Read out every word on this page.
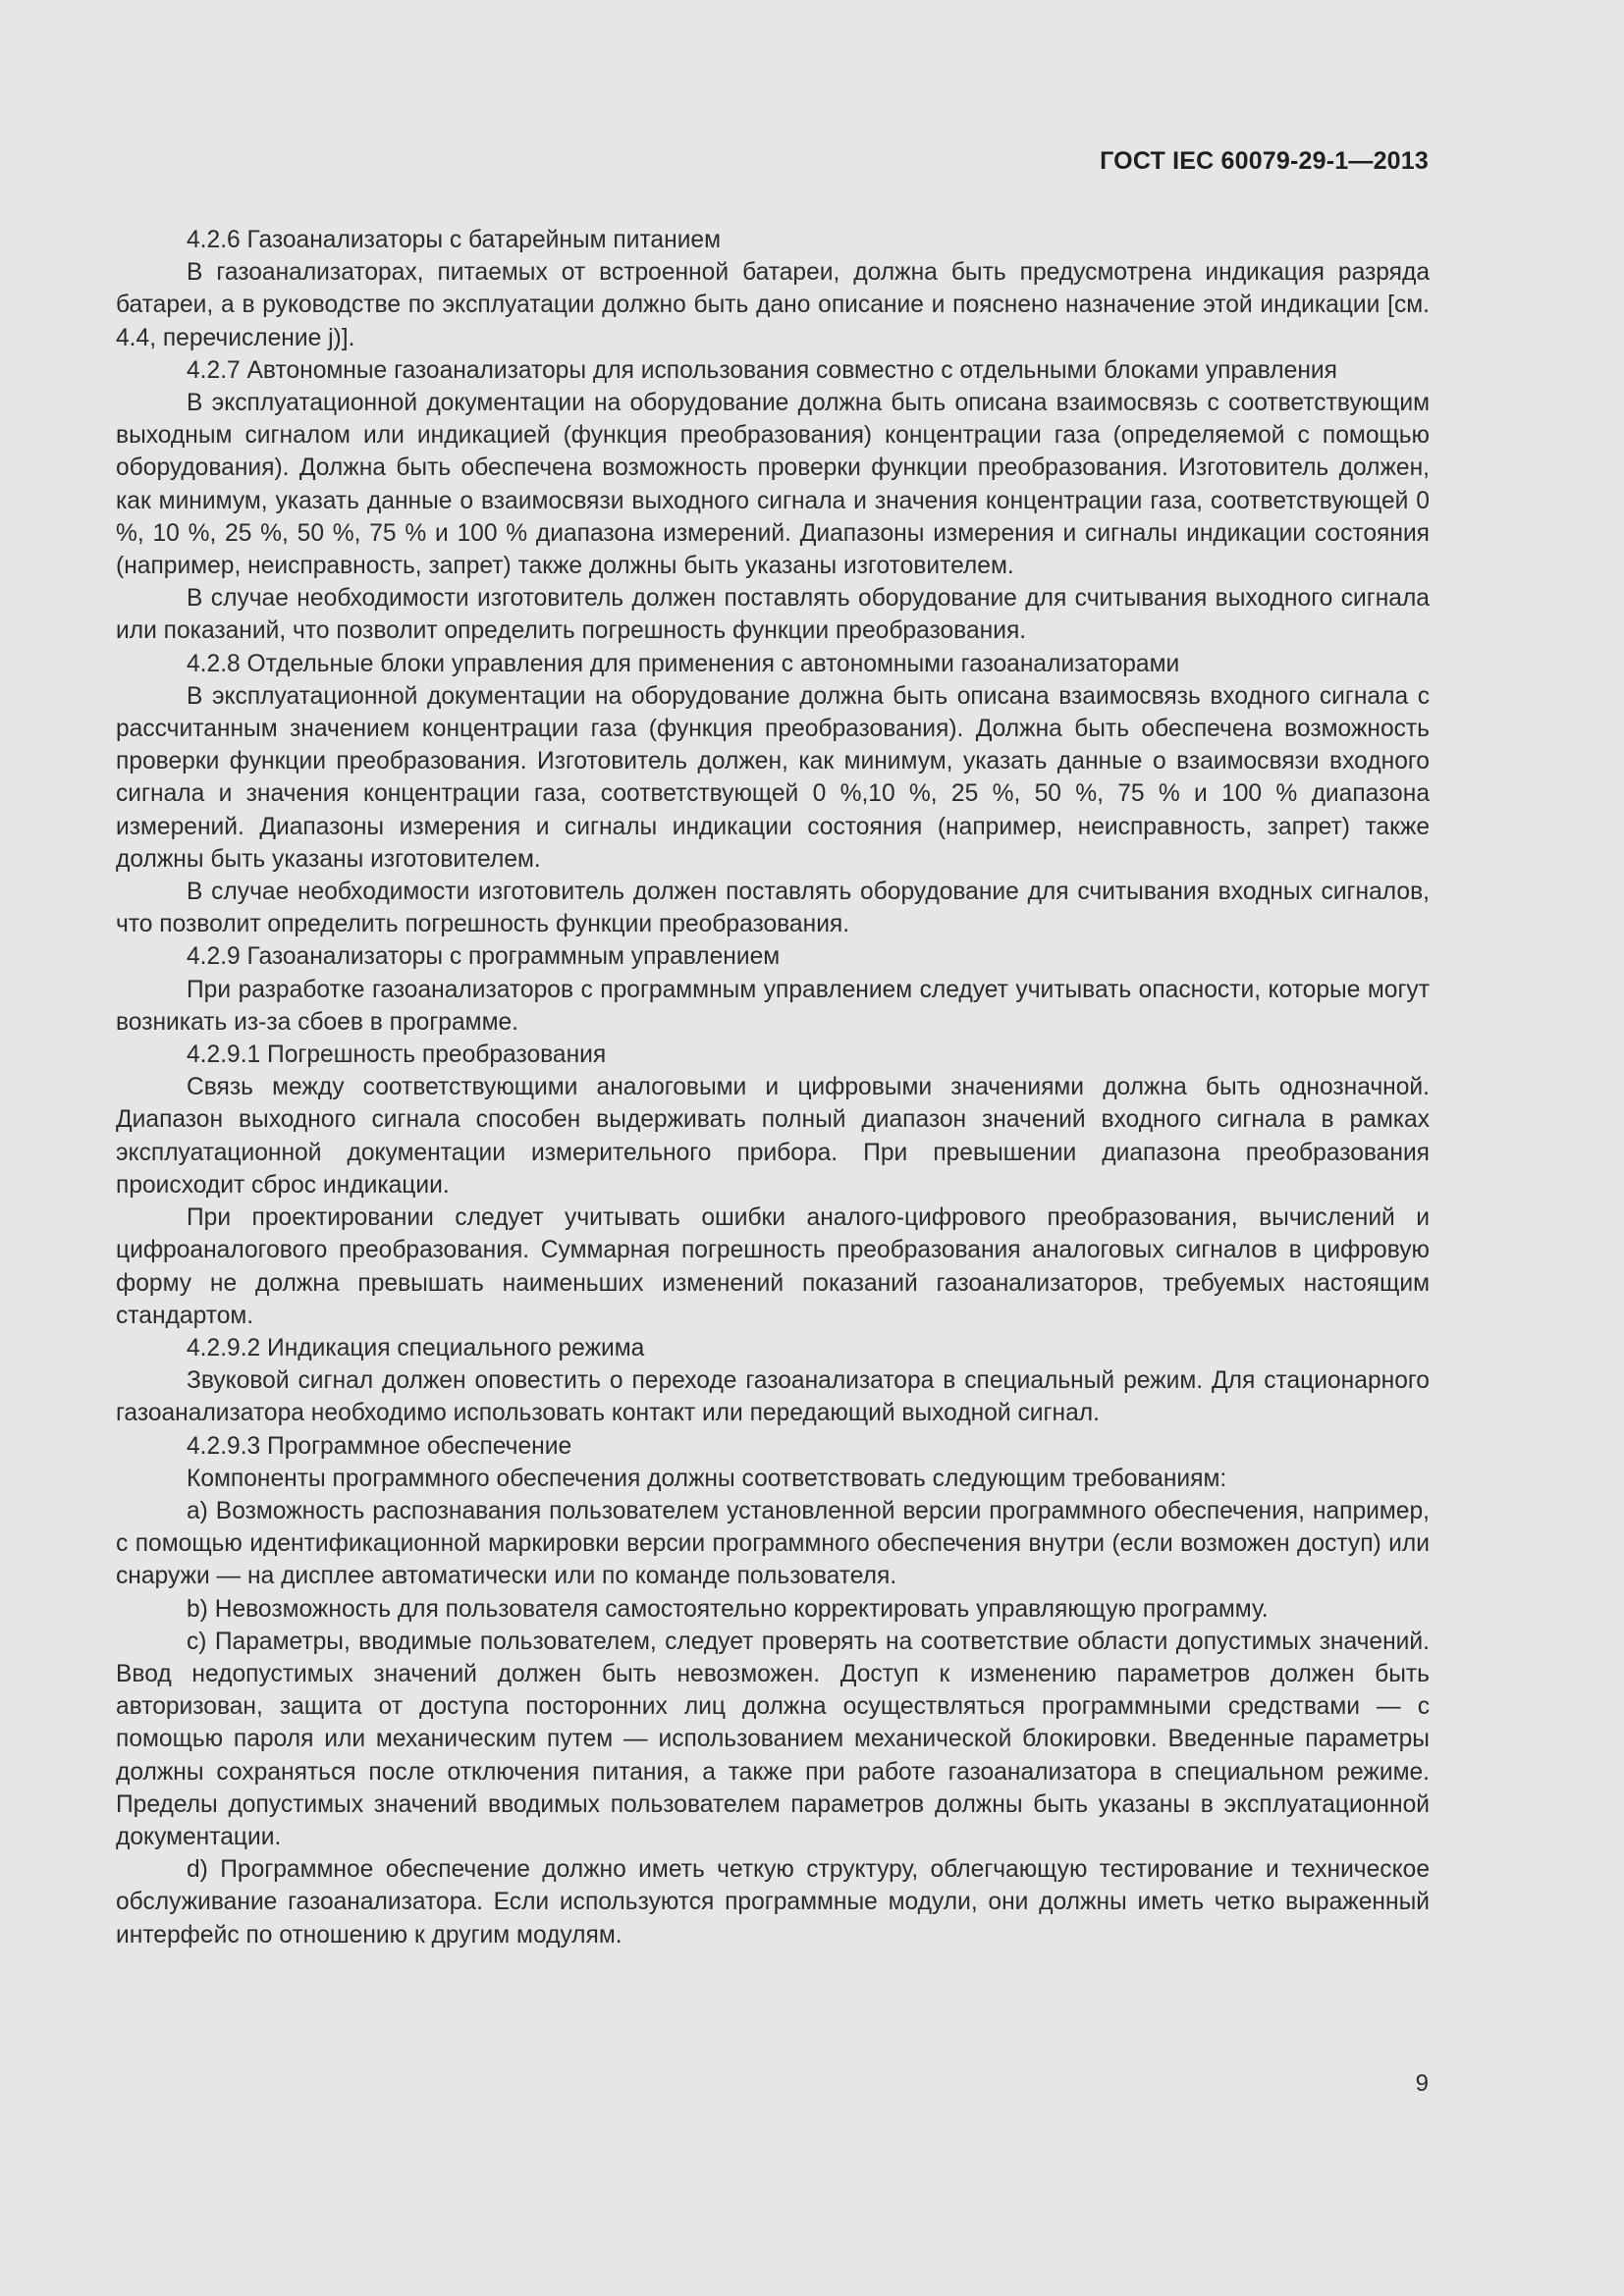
ГОСТ IEC 60079-29-1—2013

4.2.6 Газоанализаторы с батарейным питанием

В газоанализаторах, питаемых от встроенной батареи, должна быть предусмотрена индикация разряда батареи, а в руководстве по эксплуатации должно быть дано описание и пояснено назначение этой индикации [см. 4.4, перечисление j)].

4.2.7 Автономные газоанализаторы для использования совместно с отдельными блоками управления

В эксплуатационной документации на оборудование должна быть описана взаимосвязь с соответствующим выходным сигналом или индикацией (функция преобразования) концентрации газа (определяемой с помощью оборудования). Должна быть обеспечена возможность проверки функции преобразования. Изготовитель должен, как минимум, указать данные о взаимосвязи выходного сигнала и значения концентрации газа, соответствующей 0 %, 10 %, 25 %, 50 %, 75 % и 100 % диапазона измерений. Диапазоны измерения и сигналы индикации состояния (например, неисправность, запрет) также должны быть указаны изготовителем.

В случае необходимости изготовитель должен поставлять оборудование для считывания выходного сигнала или показаний, что позволит определить погрешность функции преобразования.

4.2.8 Отдельные блоки управления для применения с автономными газоанализаторами

В эксплуатационной документации на оборудование должна быть описана взаимосвязь входного сигнала с рассчитанным значением концентрации газа (функция преобразования). Должна быть обеспечена возможность проверки функции преобразования. Изготовитель должен, как минимум, указать данные о взаимосвязи входного сигнала и значения концентрации газа, соответствующей 0 %,10 %, 25 %, 50 %, 75 % и 100 % диапазона измерений. Диапазоны измерения и сигналы индикации состояния (например, неисправность, запрет) также должны быть указаны изготовителем.

В случае необходимости изготовитель должен поставлять оборудование для считывания входных сигналов, что позволит определить погрешность функции преобразования.

4.2.9 Газоанализаторы с программным управлением

При разработке газоанализаторов с программным управлением следует учитывать опасности, которые могут возникать из-за сбоев в программе.

4.2.9.1 Погрешность преобразования

Связь между соответствующими аналоговыми и цифровыми значениями должна быть однозначной. Диапазон выходного сигнала способен выдерживать полный диапазон значений входного сигнала в рамках эксплуатационной документации измерительного прибора. При превышении диапазона преобразования происходит сброс индикации.

При проектировании следует учитывать ошибки аналого-цифрового преобразования, вычислений и цифроаналогового преобразования. Суммарная погрешность преобразования аналоговых сигналов в цифровую форму не должна превышать наименьших изменений показаний газоанализаторов, требуемых настоящим стандартом.

4.2.9.2 Индикация специального режима

Звуковой сигнал должен оповестить о переходе газоанализатора в специальный режим. Для стационарного газоанализатора необходимо использовать контакт или передающий выходной сигнал.

4.2.9.3 Программное обеспечение

Компоненты программного обеспечения должны соответствовать следующим требованиям:

a) Возможность распознавания пользователем установленной версии программного обеспечения, например, с помощью идентификационной маркировки версии программного обеспечения внутри (если возможен доступ) или снаружи — на дисплее автоматически или по команде пользователя.

b) Невозможность для пользователя самостоятельно корректировать управляющую программу.

c) Параметры, вводимые пользователем, следует проверять на соответствие области допустимых значений. Ввод недопустимых значений должен быть невозможен. Доступ к изменению параметров должен быть авторизован, защита от доступа посторонних лиц должна осуществляться программными средствами — с помощью пароля или механическим путем — использованием механической блокировки. Введенные параметры должны сохраняться после отключения питания, а также при работе газоанализатора в специальном режиме. Пределы допустимых значений вводимых пользователем параметров должны быть указаны в эксплуатационной документации.

d) Программное обеспечение должно иметь четкую структуру, облегчающую тестирование и техническое обслуживание газоанализатора. Если используются программные модули, они должны иметь четко выраженный интерфейс по отношению к другим модулям.

9
